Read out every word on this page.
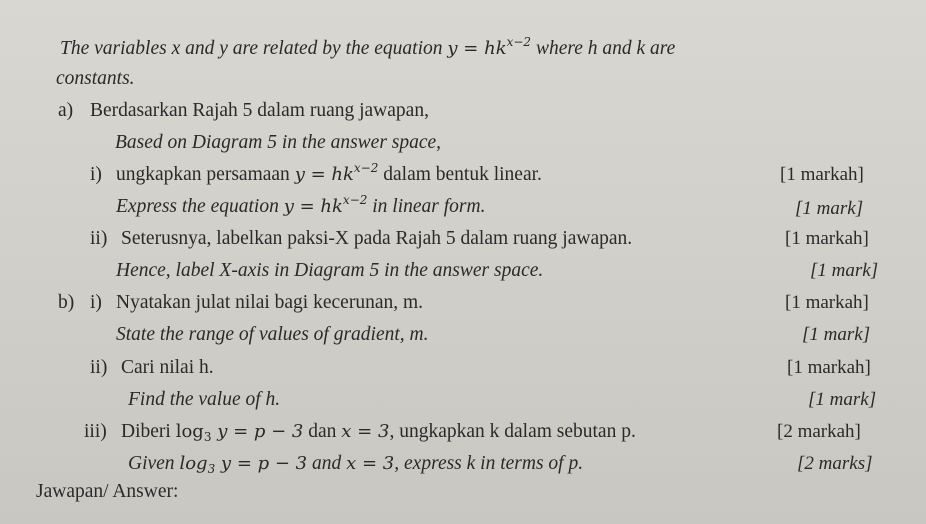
The variables x and y are related by the equation $y = hk^{x-2}$ where h and k are
constants.
a) Berdasarkan Rajah 5 dalam ruang jawapan,
Based on Diagram 5 in the answer space,
i) ungkapkan persamaan $y = hk^{x-2}$ dalam bentuk linear.	[1 markah]
Express the equation $y = hk^{x-2}$ in linear form.	[1 mark]
ii) Seterusnya, labelkan paksi-X pada Rajah 5 dalam ruang jawapan.	[1 markah]
Hence, label X-axis in Diagram 5 in the answer space.	[1 mark]
b) i) Nyatakan julat nilai bagi kecerunan, m.	[1 markah]
State the range of values of gradient, m.	[1 mark]
ii) Cari nilai h.	[1 markah]
Find the value of h.	[1 mark]
iii) Diberi $\log_3 y = p - 3$ dan x = 3, ungkapkan k dalam sebutan p.	[2 markah]
Given $\log_3 y = p - 3$ and x = 3, express k in terms of p.	[2 marks]
Jawapan/ Answer:
